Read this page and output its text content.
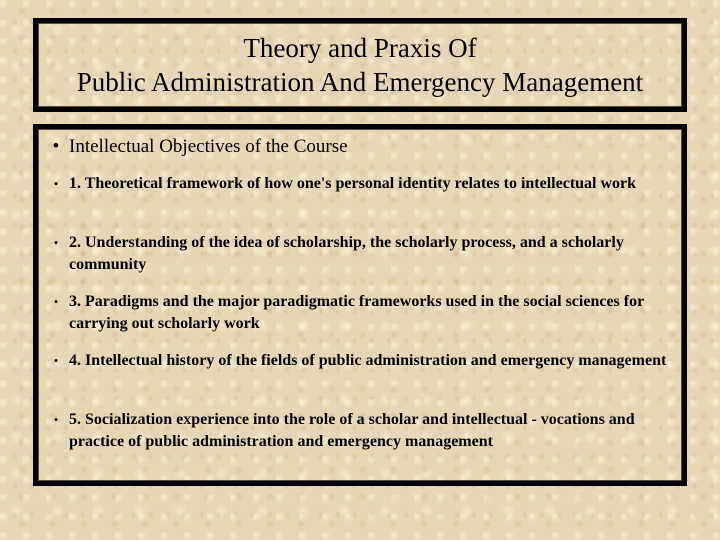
Theory and Praxis Of
Public Administration And Emergency Management
• Intellectual Objectives of the Course
• 1. Theoretical framework of how one's personal identity relates to intellectual work
• 2. Understanding of the idea of scholarship, the scholarly process, and a scholarly community
• 3. Paradigms and the major paradigmatic frameworks used in the social sciences for carrying out scholarly work
• 4. Intellectual history of the fields of public administration and emergency management
• 5. Socialization experience into the role of a scholar and intellectual - vocations and practice of public administration and emergency management
